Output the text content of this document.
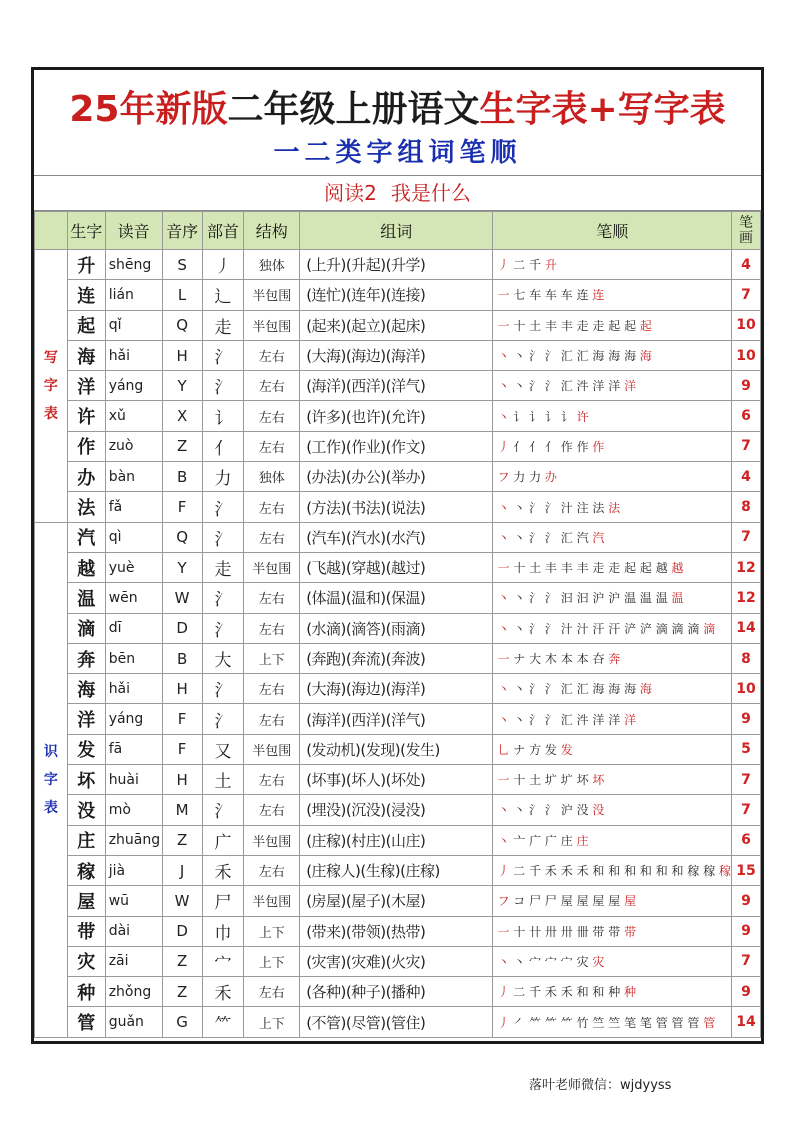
25年新版二年级上册语文生字表+写字表
一二类字组词笔顺
阅读2 我是什么
	生字	读音	音序	部首	结构	组词	笔顺	笔画
写字表	升	shēng	S	丿	独体	(上升)(升起)(升学)	丿 二 千 升	4
	连	lián	L	辶	半包围	(连忙)(连年)(连接)	一 七 车 车 车 连 连	7
	起	qǐ	Q	走	半包围	(起来)(起立)(起床)	一 十 土 丰 丰 走 走 起 起 起	10
	海	hǎi	H	氵	左右	(大海)(海边)(海洋)	丶 丶 氵 氵 汇 汇 海 海 海 海	10
	洋	yáng	Y	氵	左右	(海洋)(西洋)(洋气)	丶 丶 氵 氵 汇 汼 洋 洋 洋	9
	许	xǔ	X	讠	左右	(许多)(也许)(允许)	丶 讠 讠 讠 讠 许	6
	作	zuò	Z	亻	左右	(工作)(作业)(作文)	丿 亻 亻 亻 作 作 作	7
	办	bàn	B	力	独体	(办法)(办公)(举办)	フ 力 力 办	4
	法	fǎ	F	氵	左右	(方法)(书法)(说法)	丶 丶 氵 氵 汁 注 法 法	8
识字表	汽	qì	Q	氵	左右	(汽车)(汽水)(水汽)	丶 丶 氵 氵 汇 汽 汽	7
	越	yuè	Y	走	半包围	(飞越)(穿越)(越过)	一 十 土 丰 丰 丰 走 走 起 起 越 越	12
	温	wēn	W	氵	左右	(体温)(温和)(保温)	丶 丶 氵 氵 汩 汩 沪 沪 温 温 温 温	12
	滴	dī	D	氵	左右	(水滴)(滴答)(雨滴)	丶 丶 氵 氵 汁 汁 汗 汗 浐 浐 滴 滴 滴 滴	14
	奔	bēn	B	大	上下	(奔跑)(奔流)(奔波)	一 ナ 大 木 本 本 夻 奔	8
	海	hǎi	H	氵	左右	(大海)(海边)(海洋)	丶 丶 氵 氵 汇 汇 海 海 海 海	10
	洋	yáng	F	氵	左右	(海洋)(西洋)(洋气)	丶 丶 氵 氵 汇 汼 洋 洋 洋	9
	发	fā	F	又	半包围	(发动机)(发现)(发生)	乚 ナ 方 发 发	5
	坏	huài	H	土	左右	(坏事)(坏人)(坏处)	一 十 土 圹 圹 坏 坏	7
	没	mò	M	氵	左右	(埋没)(沉没)(浸没)	丶 丶 氵 氵 沪 没 没	7
	庄	zhuāng	Z	广	半包围	(庄稼)(村庄)(山庄)	丶 亠 广 广 庄 庄	6
	稼	jià	J	禾	左右	(庄稼人)(生稼)(庄稼)	丿 二 千 禾 禾 禾 和 和 和 和 和 和 稼 稼 稼	15
	屋	wū	W	尸	半包围	(房屋)(屋子)(木屋)	フ コ 尸 尸 屋 屋 屋 屋 屋	9
	带	dài	D	巾	上下	(带来)(带领)(热带)	一 十 卄 卅 卅 卌 带 带 带	9
	灾	zāi	Z	宀	上下	(灾害)(灾难)(火灾)	丶 丶 宀 宀 宀 灾 灾	7
	种	zhǒng	Z	禾	左右	(各种)(种子)(播种)	丿 二 千 禾 禾 和 和 种 种	9
	管	guǎn	G	⺮	上下	(不管)(尽管)(管住)	丿 ㇒ ⺮ ⺮ ⺮ 竹 竺 竺 笔 笔 管 管 管 管	14
落叶老师微信：wjdyyss
